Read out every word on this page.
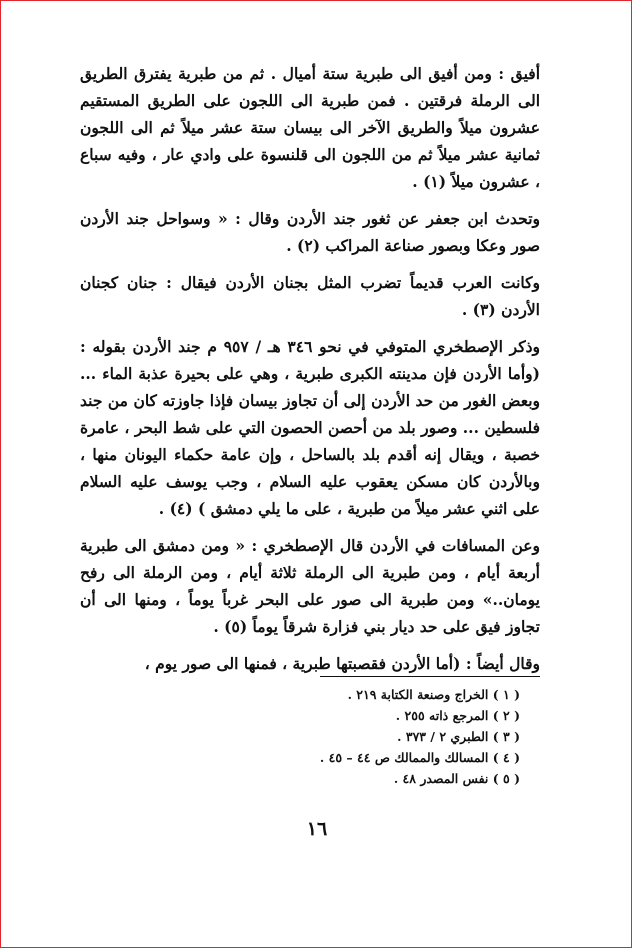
أفيق : ومن أفيق الى طبرية ستة أميال . ثم من طبرية يفترق الطريق الى الرملة فرقتين . فمن طبرية الى اللجون على الطريق المستقيم عشرون ميلاً والطريق الآخر الى بيسان ستة عشر ميلاً ثم الى اللجون ثمانية عشر ميلاً ثم من اللجون الى قلنسوة على وادي عار ، وفيه سباع ، عشرون ميلاً (١) .

وتحدث ابن جعفر عن ثغور جند الأردن وقال : « وسواحل جند الأردن صور وعكا وبصور صناعة المراكب (٢) .

وكانت العرب قديماً تضرب المثل بجنان الأردن فيقال : جنان كجنان الأردن (٣) .

وذكر الإصطخري المتوفي في نحو ٣٤٦ هـ / ٩٥٧ م جند الأردن بقوله : (وأما الأردن فإن مدينته الكبرى طبرية ، وهي على بحيرة عذبة الماء ... وبعض الغور من حد الأردن إلى أن تجاوز بيسان فإذا جاوزته كان من جند فلسطين ... وصور بلد من أحصن الحصون التي على شط البحر ، عامرة خصبة ، ويقال إنه أقدم بلد بالساحل ، وإن عامة حكماء اليونان منها ، وبالأردن كان مسكن يعقوب عليه السلام ، وجب يوسف عليه السلام على اثني عشر ميلاً من طبرية ، على ما يلي دمشق ) (٤) .

وعن المسافات في الأردن قال الإصطخري : « ومن دمشق الى طبرية أربعة أيام ، ومن طبرية الى الرملة ثلاثة أيام ، ومن الرملة الى رفح يومان..» ومن طبرية الى صور على البحر غرباً يوماً ، ومنها الى أن تجاوز فيق على حد ديار بني فزارة شرقاً يوماً (٥) .

وقال أيضاً : (أما الأردن فقصبتها طبرية ، فمنها الى صور يوم ،

( ١ ) الخراج وصنعة الكتابة ٢١٩ .
( ٢ ) المرجع ذاته ٢٥٥ .
( ٣ ) الطبري ٢ / ٣٧٣ .
( ٤ ) المسالك والممالك ص ٤٤ – ٤٥ .
( ٥ ) نفس المصدر ٤٨ .
١٦
